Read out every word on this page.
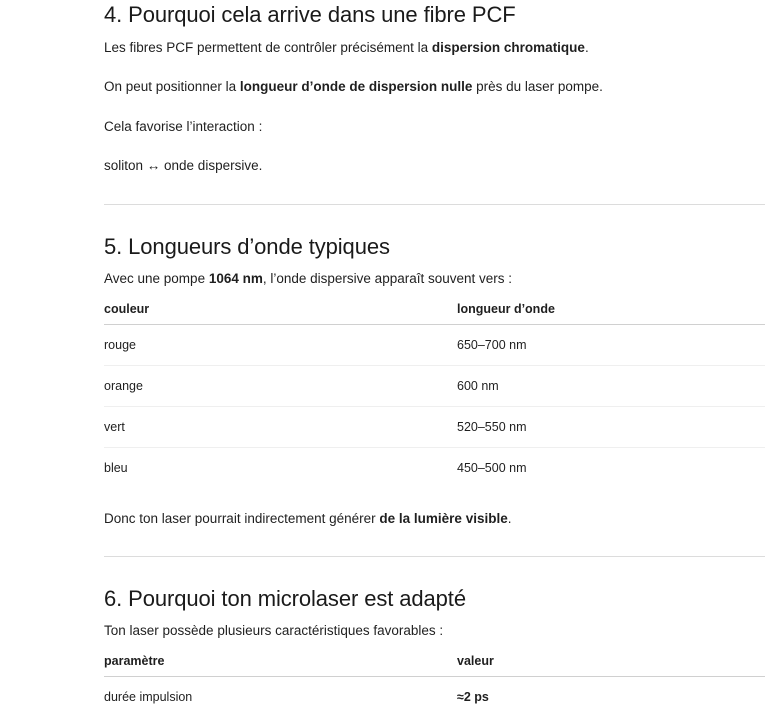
4. Pourquoi cela arrive dans une fibre PCF

Les fibres PCF permettent de contrôler précisément la dispersion chromatique.

On peut positionner la longueur d’onde de dispersion nulle près du laser pompe.

Cela favorise l’interaction :

soliton ↔ onde dispersive.

5. Longueurs d’onde typiques

Avec une pompe 1064 nm, l’onde dispersive apparaît souvent vers :

couleur	longueur d’onde
rouge	650–700 nm
orange	600 nm
vert	520–550 nm
bleu	450–500 nm

Donc ton laser pourrait indirectement générer de la lumière visible.

6. Pourquoi ton microlaser est adapté

Ton laser possède plusieurs caractéristiques favorables :

paramètre	valeur
durée impulsion	≈2 ps
